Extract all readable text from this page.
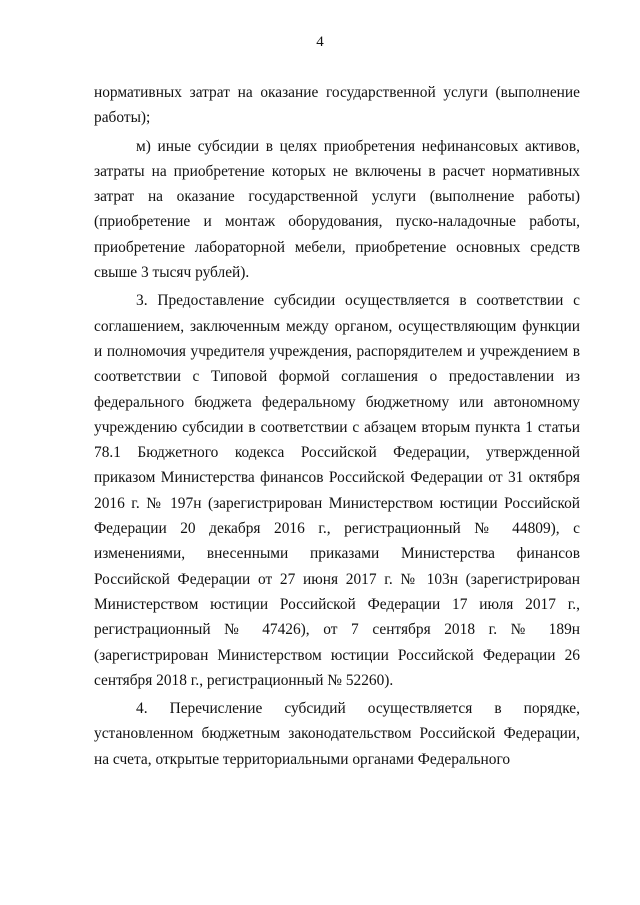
4

нормативных затрат на оказание государственной услуги (выполнение работы);

м) иные субсидии в целях приобретения нефинансовых активов, затраты на приобретение которых не включены в расчет нормативных затрат на оказание государственной услуги (выполнение работы) (приобретение и монтаж оборудования, пуско-наладочные работы, приобретение лабораторной мебели, приобретение основных средств свыше 3 тысяч рублей).

3. Предоставление субсидии осуществляется в соответствии с соглашением, заключенным между органом, осуществляющим функции и полномочия учредителя учреждения, распорядителем и учреждением в соответствии с Типовой формой соглашения о предоставлении из федерального бюджета федеральному бюджетному или автономному учреждению субсидии в соответствии с абзацем вторым пункта 1 статьи 78.1 Бюджетного кодекса Российской Федерации, утвержденной приказом Министерства финансов Российской Федерации от 31 октября 2016 г. № 197н (зарегистрирован Министерством юстиции Российской Федерации 20 декабря 2016 г., регистрационный № 44809), с изменениями, внесенными приказами Министерства финансов Российской Федерации от 27 июня 2017 г. № 103н (зарегистрирован Министерством юстиции Российской Федерации 17 июля 2017 г., регистрационный № 47426), от 7 сентября 2018 г. № 189н (зарегистрирован Министерством юстиции Российской Федерации 26 сентября 2018 г., регистрационный № 52260).

4. Перечисление субсидий осуществляется в порядке, установленном бюджетным законодательством Российской Федерации, на счета, открытые территориальными органами Федерального
